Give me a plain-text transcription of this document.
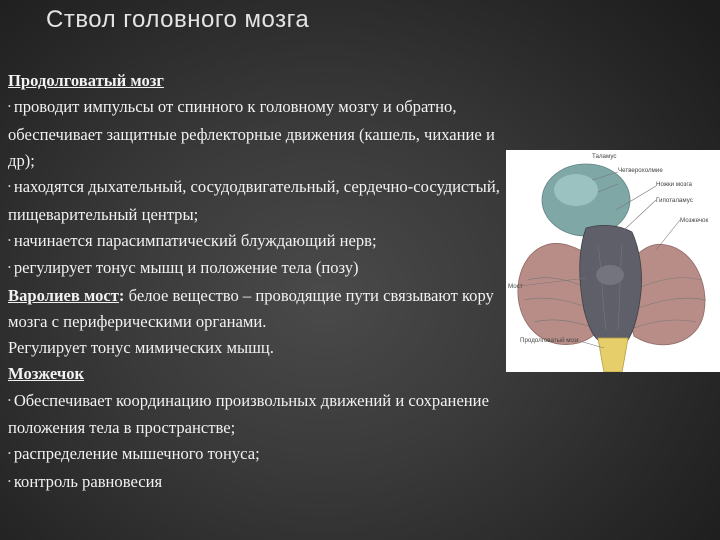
Ствол головного мозга

Продолговатый мозг

• проводит импульсы от спинного к головному мозгу и обратно, обеспечивает защитные рефлекторные движения (кашель, чихание и др);

• находятся дыхательный, сосудодвигательный, сердечно-сосудистый, пищеварительный центры;

• начинается парасимпатический блуждающий нерв;

• регулирует тонус мышц и положение тела (позу)

Варолиев мост: белое вещество – проводящие пути связывают кору мозга с периферическими органами.

Регулирует тонус мимических мышц.

Мозжечок

• Обеспечивает координацию произвольных движений и сохранение положения тела в пространстве;

• распределение мышечного тонуса;

• контроль равновесия

Таламус
Четверохолмие
Ножки мозга
Гипоталамус
Мозжечок
Мост
Продолговатый мозг
